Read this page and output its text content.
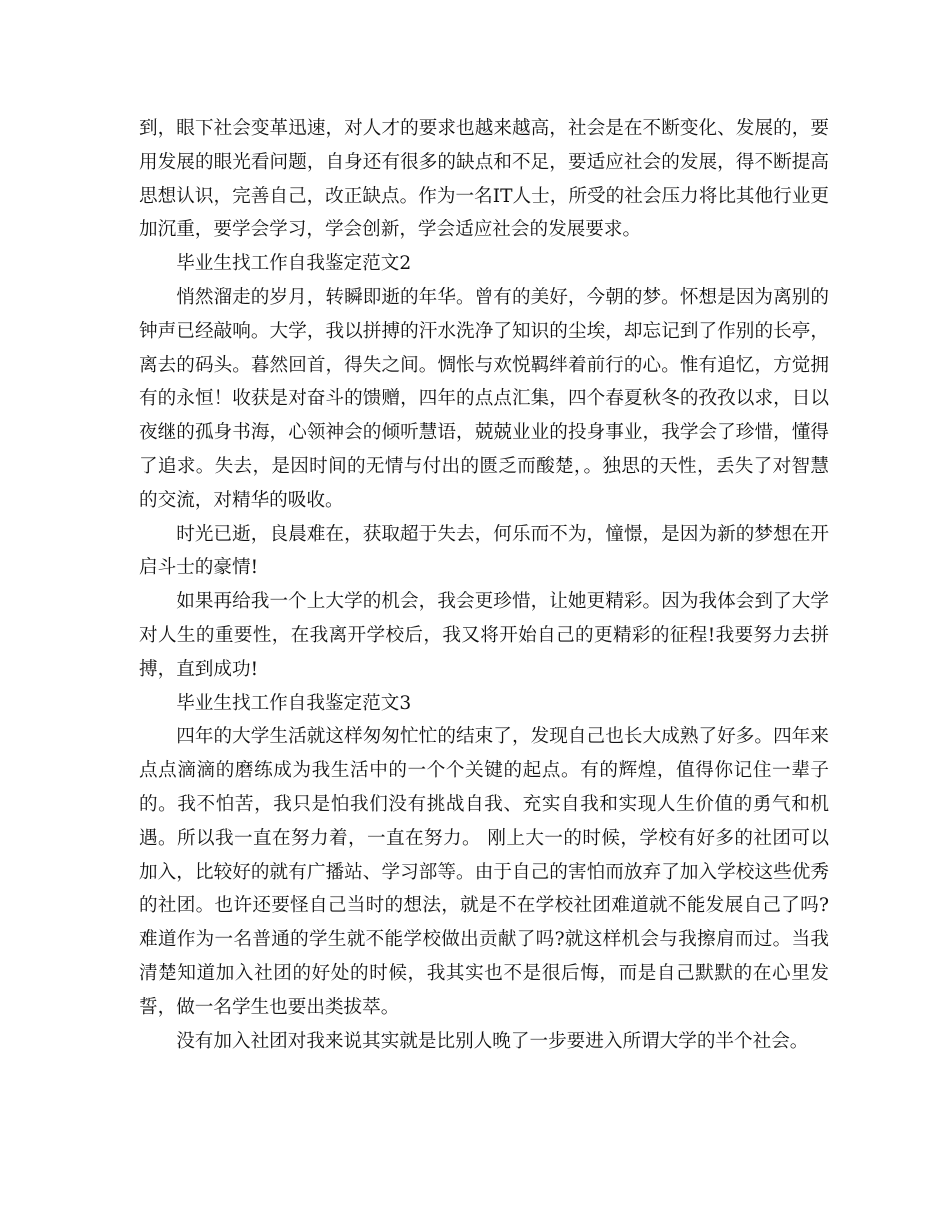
到，眼下社会变革迅速，对人才的要求也越来越高，社会是在不断变化、发展的，要用发展的眼光看问题，自身还有很多的缺点和不足，要适应社会的发展，得不断提高思想认识，完善自己，改正缺点。作为一名IT人士，所受的社会压力将比其他行业更加沉重，要学会学习，学会创新，学会适应社会的发展要求。

毕业生找工作自我鉴定范文2

悄然溜走的岁月，转瞬即逝的年华。曾有的美好，今朝的梦。怀想是因为离别的钟声已经敲响。大学，我以拼搏的汗水洗净了知识的尘埃，却忘记到了作别的长亭，离去的码头。暮然回首，得失之间。惆怅与欢悦羁绊着前行的心。惟有追忆，方觉拥有的永恒！收获是对奋斗的馈赠，四年的点点汇集，四个春夏秋冬的孜孜以求，日以夜继的孤身书海，心领神会的倾听慧语，兢兢业业的投身事业，我学会了珍惜，懂得了追求。失去，是因时间的无情与付出的匮乏而酸楚，。独思的天性，丢失了对智慧的交流，对精华的吸收。

时光已逝，良晨难在，获取超于失去，何乐而不为，憧憬，是因为新的梦想在开启斗士的豪情!

如果再给我一个上大学的机会，我会更珍惜，让她更精彩。因为我体会到了大学对人生的重要性，在我离开学校后，我又将开始自己的更精彩的征程!我要努力去拼搏，直到成功!

毕业生找工作自我鉴定范文3

四年的大学生活就这样匆匆忙忙的结束了，发现自己也长大成熟了好多。四年来点点滴滴的磨练成为我生活中的一个个关键的起点。有的辉煌，值得你记住一辈子的。我不怕苦，我只是怕我们没有挑战自我、充实自我和实现人生价值的勇气和机遇。所以我一直在努力着，一直在努力。 刚上大一的时候，学校有好多的社团可以加入，比较好的就有广播站、学习部等。由于自己的害怕而放弃了加入学校这些优秀的社团。也许还要怪自己当时的想法，就是不在学校社团难道就不能发展自己了吗?难道作为一名普通的学生就不能学校做出贡献了吗?就这样机会与我擦肩而过。当我清楚知道加入社团的好处的时候，我其实也不是很后悔，而是自己默默的在心里发誓，做一名学生也要出类拔萃。

没有加入社团对我来说其实就是比别人晚了一步要进入所谓大学的半个社会。
